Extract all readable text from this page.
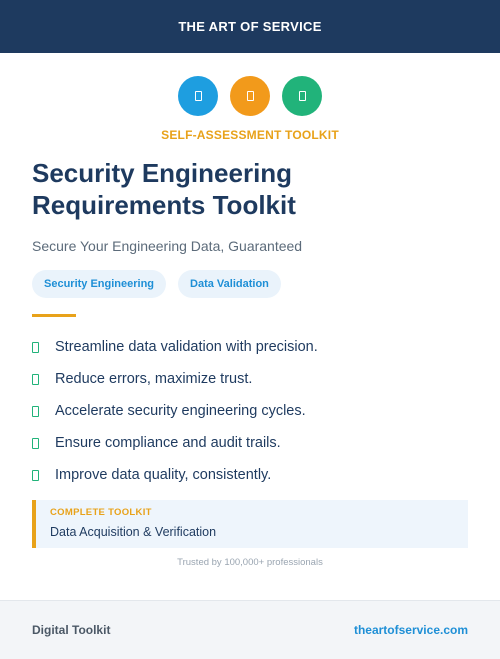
THE ART OF SERVICE
SELF-ASSESSMENT TOOLKIT
Security Engineering Requirements Toolkit
Secure Your Engineering Data, Guaranteed
Security Engineering	Data Validation
Streamline data validation with precision.
Reduce errors, maximize trust.
Accelerate security engineering cycles.
Ensure compliance and audit trails.
Improve data quality, consistently.
COMPLETE TOOLKIT
Data Acquisition & Verification
Trusted by 100,000+ professionals
Digital Toolkit	theartofservice.com
